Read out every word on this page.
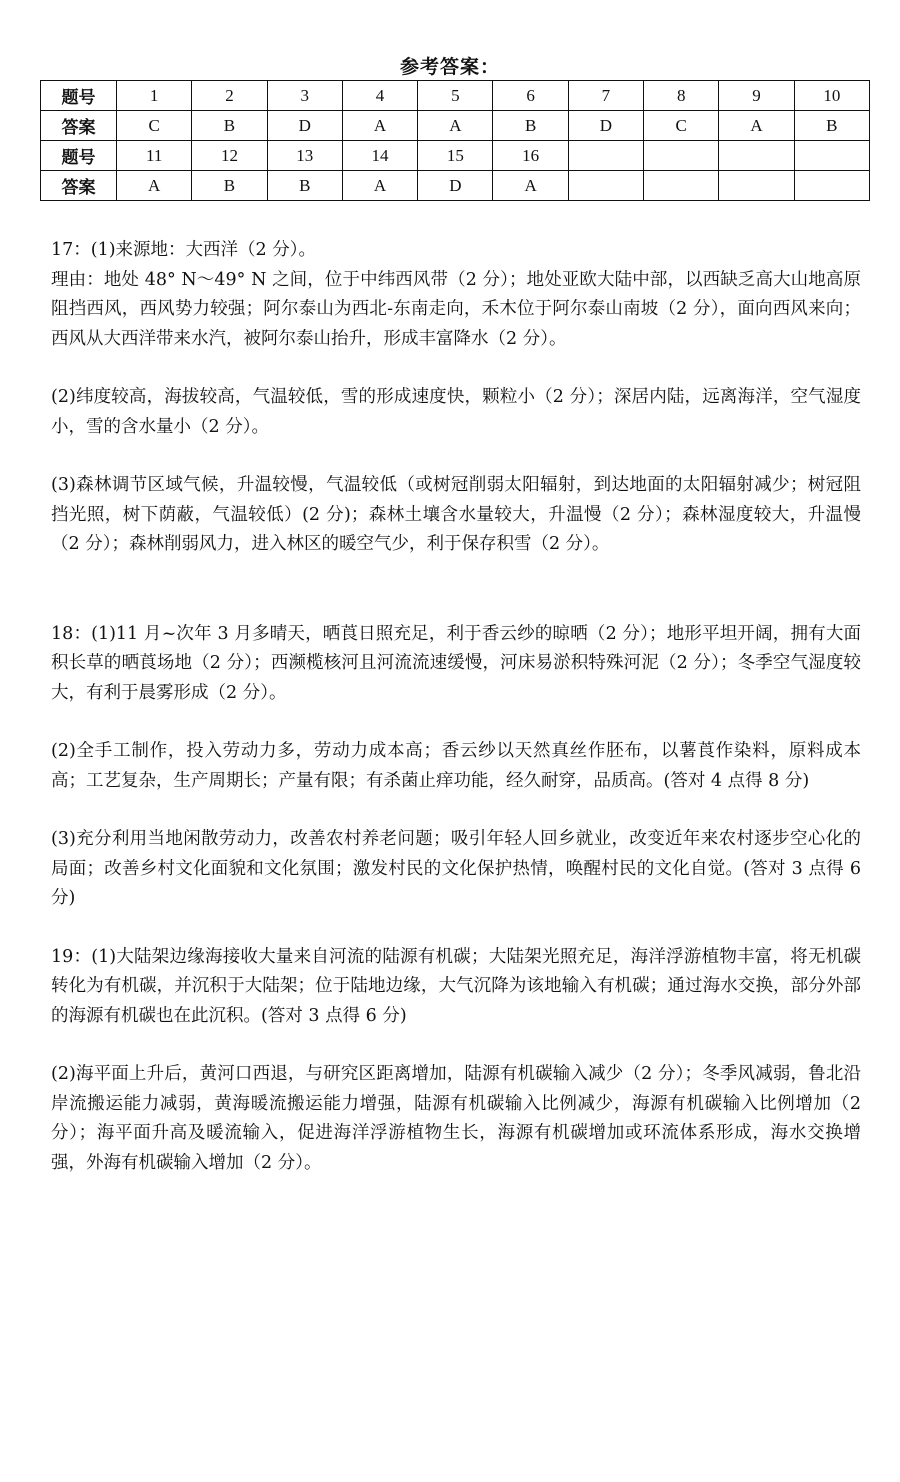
参考答案：
题号	1	2	3	4	5	6	7	8	9	10
答案	C	B	D	A	A	B	D	C	A	B
题号	11	12	13	14	15	16				
答案	A	B	B	A	D	A				

17：(1)来源地：大西洋（2 分）。
理由：地处 48° N～49° N 之间，位于中纬西风带（2 分）；地处亚欧大陆中部，以西缺乏高大山地高原阻挡西风，西风势力较强；阿尔泰山为西北-东南走向，禾木位于阿尔泰山南坡（2 分），面向西风来向；西风从大西洋带来水汽，被阿尔泰山抬升，形成丰富降水（2 分）。

(2)纬度较高，海拔较高，气温较低，雪的形成速度快，颗粒小（2 分）；深居内陆，远离海洋，空气湿度小，雪的含水量小（2 分）。

(3)森林调节区域气候，升温较慢，气温较低（或树冠削弱太阳辐射，到达地面的太阳辐射减少；树冠阻挡光照，树下荫蔽，气温较低）(2 分)；森林土壤含水量较大，升温慢（2 分）；森林湿度较大，升温慢（2 分）；森林削弱风力，进入林区的暖空气少，利于保存积雪（2 分）。

18：(1)11 月~次年 3 月多晴天，晒莨日照充足，利于香云纱的晾晒（2 分）；地形平坦开阔，拥有大面积长草的晒莨场地（2 分）；西濒榄核河且河流流速缓慢，河床易淤积特殊河泥（2 分）；冬季空气湿度较大，有利于晨雾形成（2 分）。

(2)全手工制作，投入劳动力多，劳动力成本高；香云纱以天然真丝作胚布，以薯莨作染料，原料成本高；工艺复杂，生产周期长；产量有限；有杀菌止痒功能，经久耐穿，品质高。(答对 4 点得 8 分)

(3)充分利用当地闲散劳动力，改善农村养老问题；吸引年轻人回乡就业，改变近年来农村逐步空心化的局面；改善乡村文化面貌和文化氛围；激发村民的文化保护热情，唤醒村民的文化自觉。(答对 3 点得 6 分)

19：(1)大陆架边缘海接收大量来自河流的陆源有机碳；大陆架光照充足，海洋浮游植物丰富，将无机碳转化为有机碳，并沉积于大陆架；位于陆地边缘，大气沉降为该地输入有机碳；通过海水交换，部分外部的海源有机碳也在此沉积。(答对 3 点得 6 分)

(2)海平面上升后，黄河口西退，与研究区距离增加，陆源有机碳输入减少（2 分）；冬季风减弱，鲁北沿岸流搬运能力减弱，黄海暖流搬运能力增强，陆源有机碳输入比例减少，海源有机碳输入比例增加（2 分）；海平面升高及暖流输入，促进海洋浮游植物生长，海源有机碳增加或环流体系形成，海水交换增强，外海有机碳输入增加（2 分）。
